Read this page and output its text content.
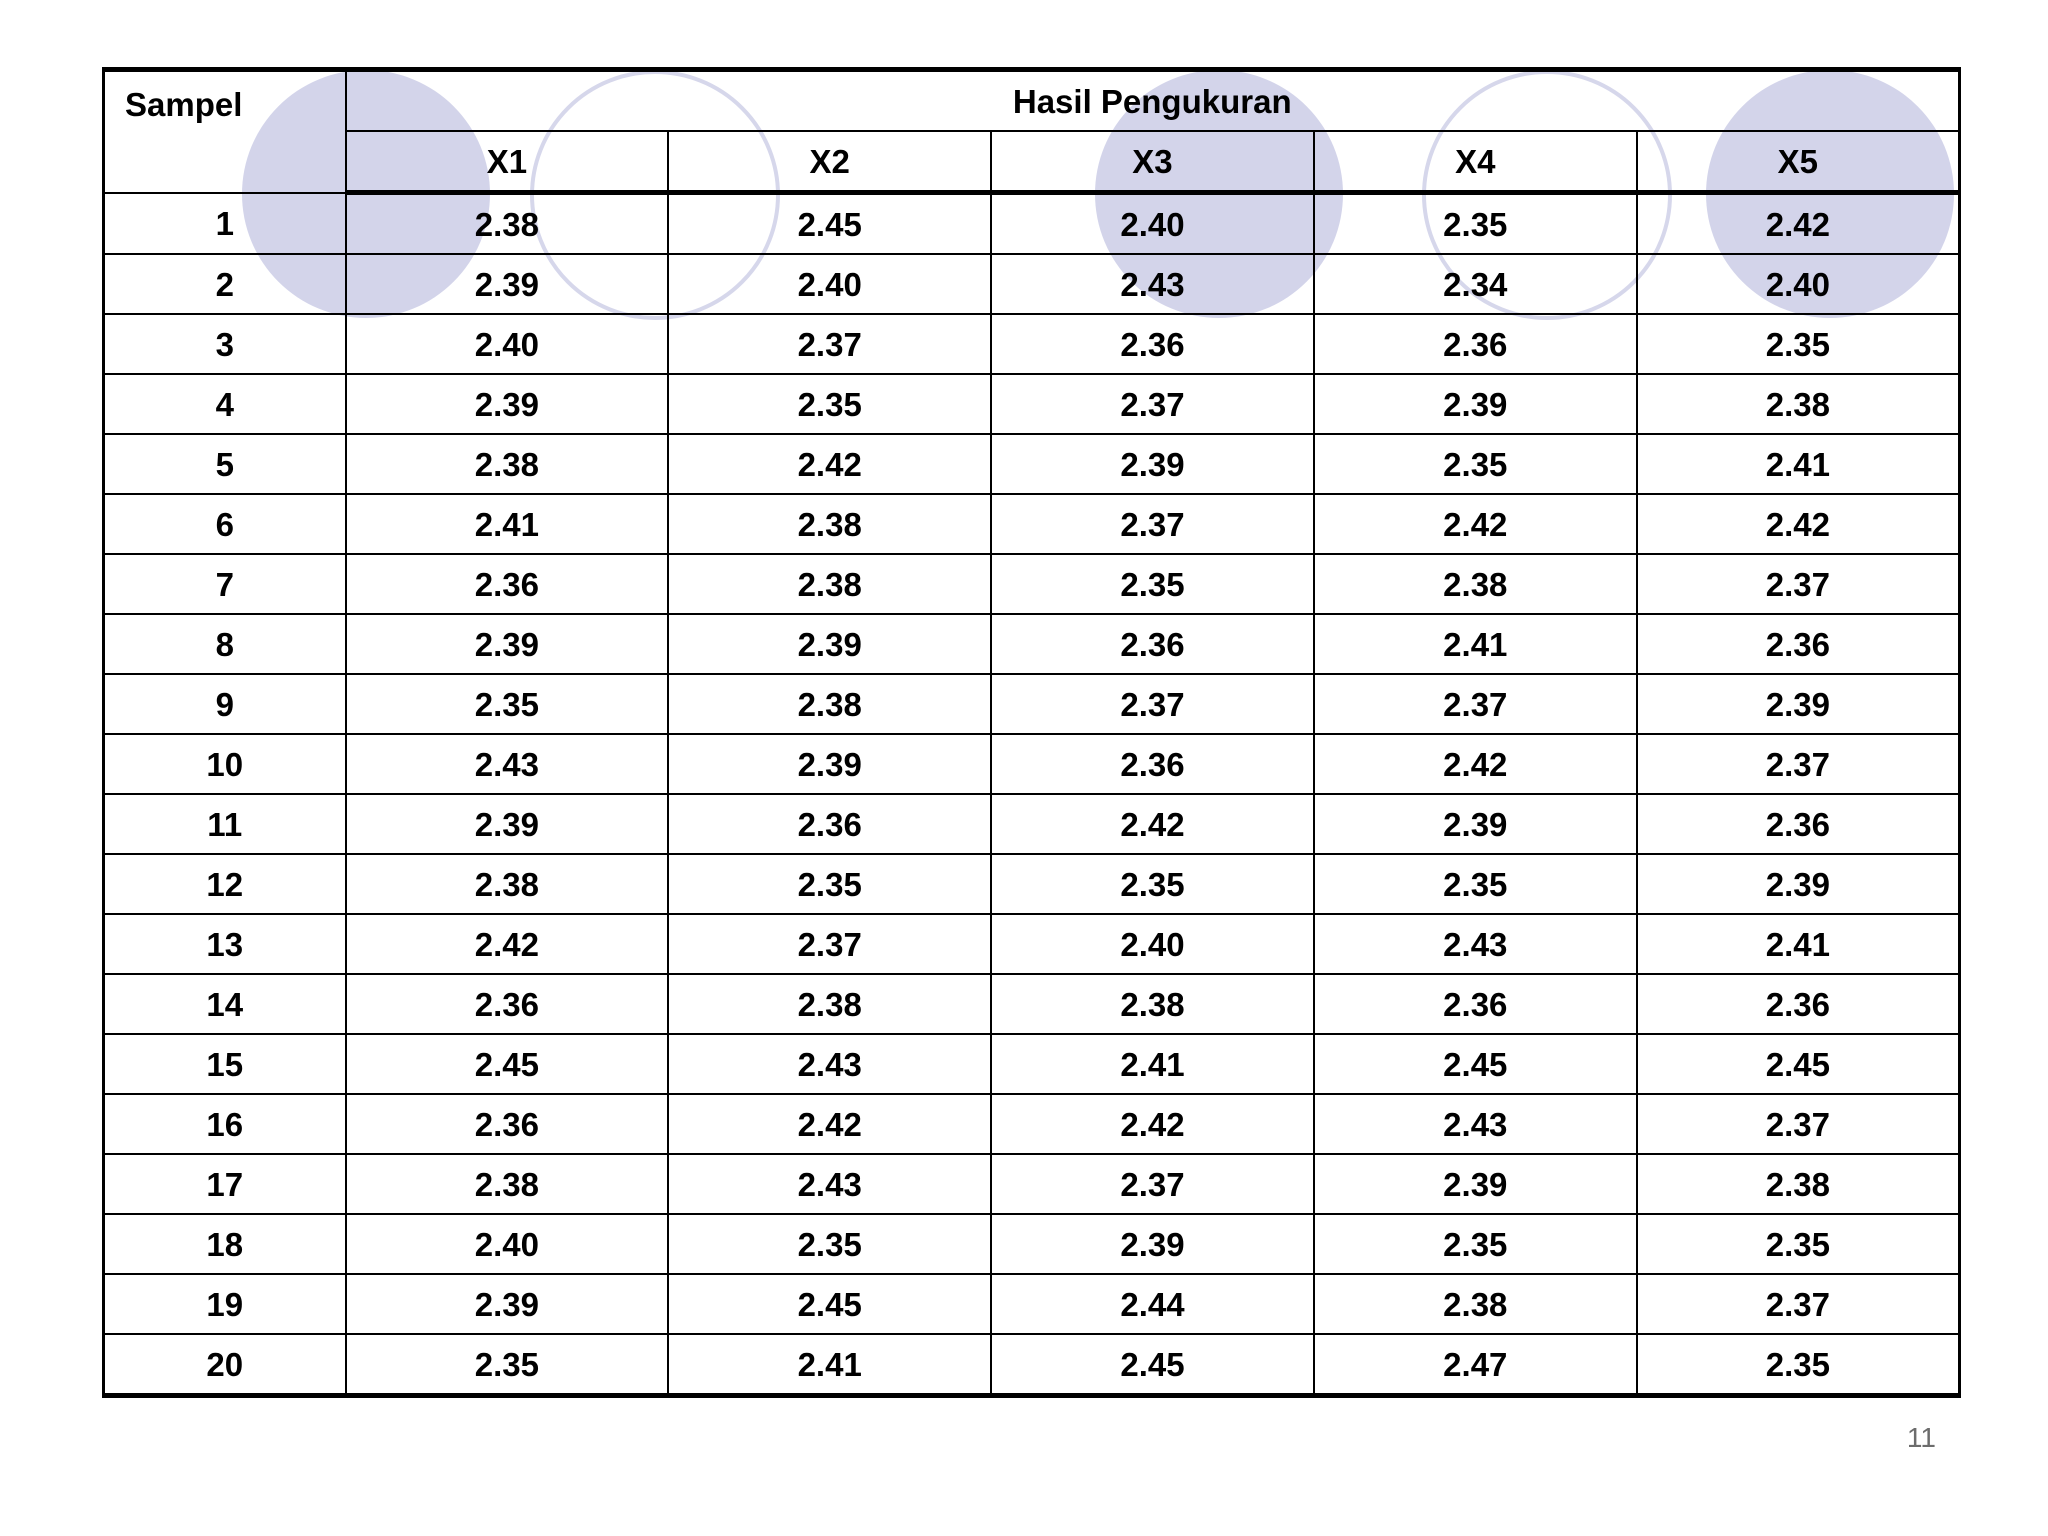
Sampel	Hasil Pengukuran				
	X1	X2	X3	X4	X5
1	2.38	2.45	2.40	2.35	2.42
2	2.39	2.40	2.43	2.34	2.40
3	2.40	2.37	2.36	2.36	2.35
4	2.39	2.35	2.37	2.39	2.38
5	2.38	2.42	2.39	2.35	2.41
6	2.41	2.38	2.37	2.42	2.42
7	2.36	2.38	2.35	2.38	2.37
8	2.39	2.39	2.36	2.41	2.36
9	2.35	2.38	2.37	2.37	2.39
10	2.43	2.39	2.36	2.42	2.37
11	2.39	2.36	2.42	2.39	2.36
12	2.38	2.35	2.35	2.35	2.39
13	2.42	2.37	2.40	2.43	2.41
14	2.36	2.38	2.38	2.36	2.36
15	2.45	2.43	2.41	2.45	2.45
16	2.36	2.42	2.42	2.43	2.37
17	2.38	2.43	2.37	2.39	2.38
18	2.40	2.35	2.39	2.35	2.35
19	2.39	2.45	2.44	2.38	2.37
20	2.35	2.41	2.45	2.47	2.35
11
